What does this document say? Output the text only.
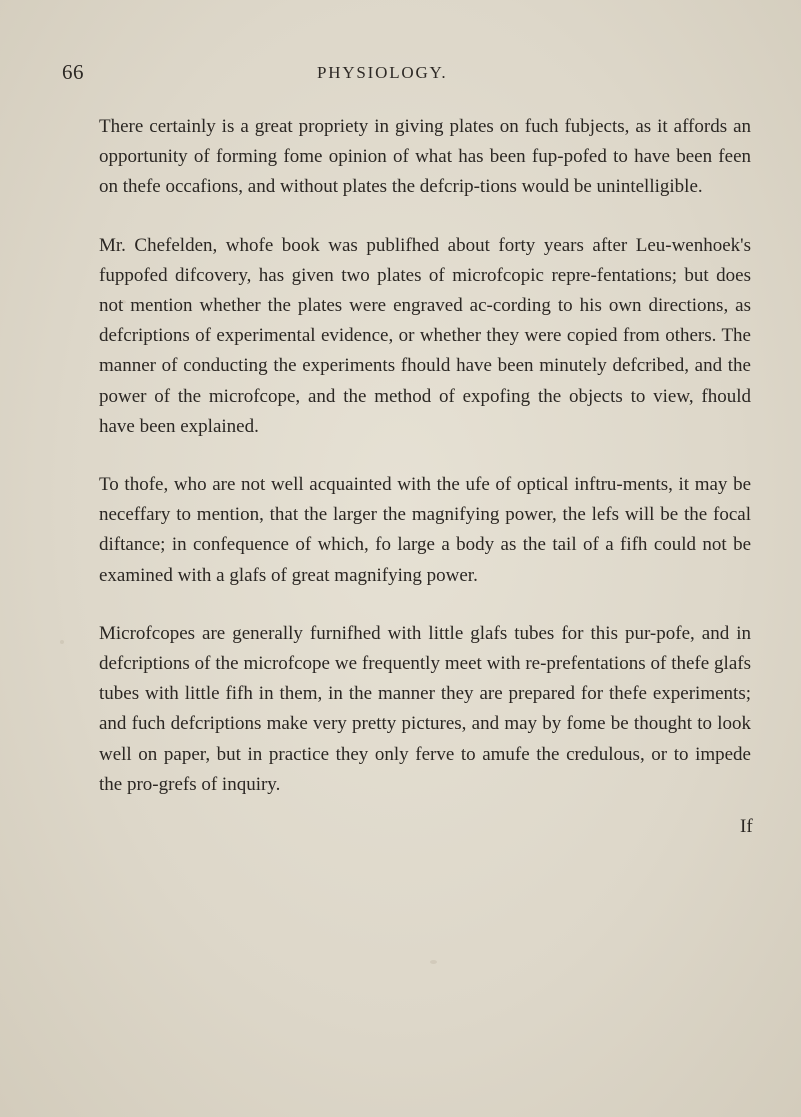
66	PHYSIOLOGY.

There certainly is a great propriety in giving plates on fuch fubjects, as it affords an opportunity of forming fome opinion of what has been fup-pofed to have been feen on thefe occafions, and without plates the defcrip-tions would be unintelligible.

Mr. Chefelden, whofe book was publifhed about forty years after Leu-wenhoek's fuppofed difcovery, has given two plates of microfcopic repre-fentations; but does not mention whether the plates were engraved ac-cording to his own directions, as defcriptions of experimental evidence, or whether they were copied from others. The manner of conducting the experiments fhould have been minutely defcribed, and the power of the microfcope, and the method of expofing the objects to view, fhould have been explained.

To thofe, who are not well acquainted with the ufe of optical inftru-ments, it may be neceffary to mention, that the larger the magnifying power, the lefs will be the focal diftance; in confequence of which, fo large a body as the tail of a fifh could not be examined with a glafs of great magnifying power.

Microfcopes are generally furnifhed with little glafs tubes for this pur-pofe, and in defcriptions of the microfcope we frequently meet with re-prefentations of thefe glafs tubes with little fifh in them, in the manner they are prepared for thefe experiments; and fuch defcriptions make very pretty pictures, and may by fome be thought to look well on paper, but in practice they only ferve to amufe the credulous, or to impede the pro-grefs of inquiry.

If
